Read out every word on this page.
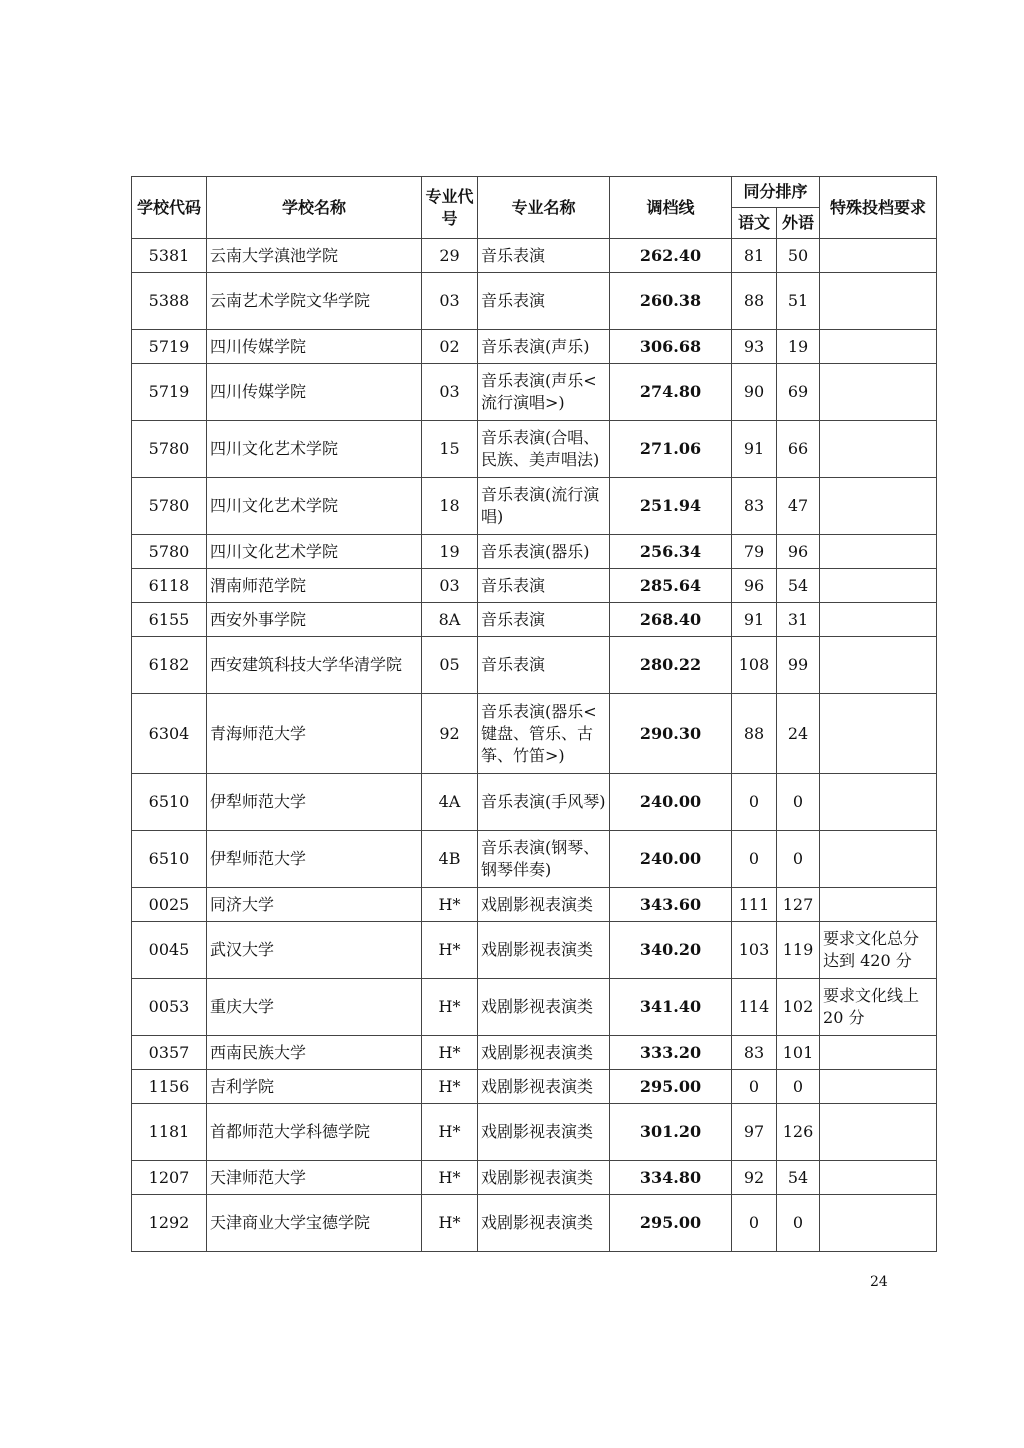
学校代码	学校名称	专业代号	专业名称	调档线	同分排序		特殊投档要求
					语文	外语	
5381	云南大学滇池学院	29	音乐表演	262.40	81	50	
5388	云南艺术学院文华学院	03	音乐表演	260.38	88	51	
5719	四川传媒学院	02	音乐表演(声乐)	306.68	93	19	
5719	四川传媒学院	03	音乐表演(声乐<流行演唱>)	274.80	90	69	
5780	四川文化艺术学院	15	音乐表演(合唱、民族、美声唱法)	271.06	91	66	
5780	四川文化艺术学院	18	音乐表演(流行演唱)	251.94	83	47	
5780	四川文化艺术学院	19	音乐表演(器乐)	256.34	79	96	
6118	渭南师范学院	03	音乐表演	285.64	96	54	
6155	西安外事学院	8A	音乐表演	268.40	91	31	
6182	西安建筑科技大学华清学院	05	音乐表演	280.22	108	99	
6304	青海师范大学	92	音乐表演(器乐<键盘、管乐、古筝、竹笛>)	290.30	88	24	
6510	伊犁师范大学	4A	音乐表演(手风琴)	240.00	0	0	
6510	伊犁师范大学	4B	音乐表演(钢琴、钢琴伴奏)	240.00	0	0	
0025	同济大学	H*	戏剧影视表演类	343.60	111	127	
0045	武汉大学	H*	戏剧影视表演类	340.20	103	119	要求文化总分达到 420 分
0053	重庆大学	H*	戏剧影视表演类	341.40	114	102	要求文化线上 20 分
0357	西南民族大学	H*	戏剧影视表演类	333.20	83	101	
1156	吉利学院	H*	戏剧影视表演类	295.00	0	0	
1181	首都师范大学科德学院	H*	戏剧影视表演类	301.20	97	126	
1207	天津师范大学	H*	戏剧影视表演类	334.80	92	54	
1292	天津商业大学宝德学院	H*	戏剧影视表演类	295.00	0	0	
24
